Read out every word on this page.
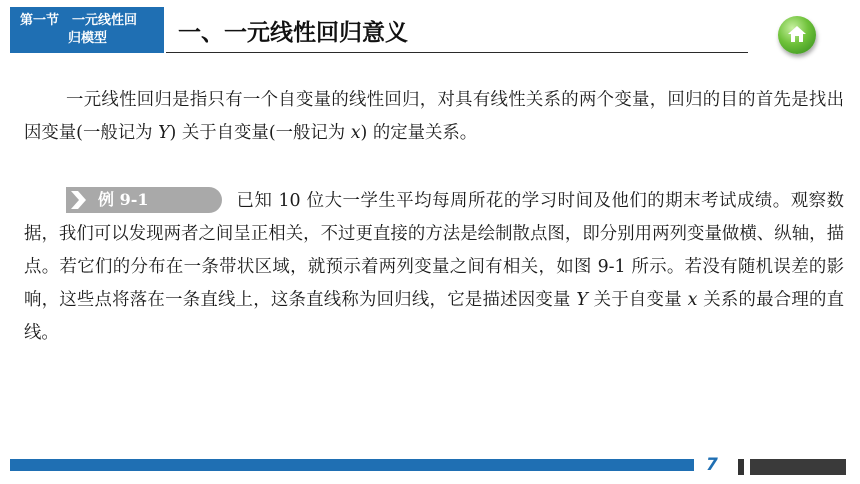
第一节　一元线性回
归模型	一、一元线性回归意义

一元线性回归是指只有一个自变量的线性回归，对具有线性关系的两个变量，回归的目的首先是找出因变量(一般记为 Y) 关于自变量(一般记为 x) 的定量关系。

例 9-1	已知 10 位大一学生平均每周所花的学习时间及他们的期末考试成绩。观察数据，我们可以发现两者之间呈正相关，不过更直接的方法是绘制散点图，即分别用两列变量做横、纵轴，描点。若它们的分布在一条带状区域，就预示着两列变量之间有相关，如图 9-1 所示。若没有随机误差的影响，这些点将落在一条直线上，这条直线称为回归线，它是描述因变量 Y 关于自变量 x 关系的最合理的直线。

7
